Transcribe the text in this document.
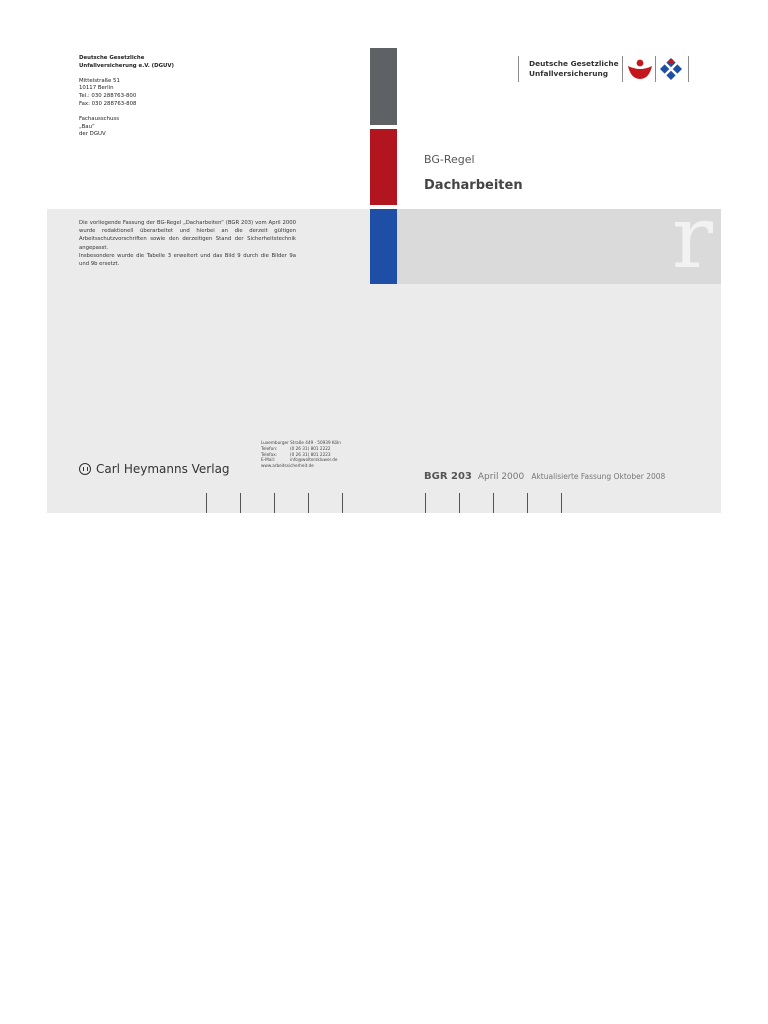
r

Deutsche Gesetzliche
Unfallversicherung e.V. (DGUV)

Mittelstraße 51
10117 Berlin
Tel.: 030 288763-800
Fax: 030 288763-808

Fachausschuss
„Bau“
der DGUV

Deutsche Gesetzliche
Unfallversicherung
BG-Regel
Dacharbeiten

Die vorliegende Fassung der BG-Regel „Dacharbeiten“ (BGR 203) vom April 2000 wurde redaktionell überarbeitet und hierbei an die derzeit gültigen Arbeitsschutzvorschriften sowie den derzeitigen Stand der Sicherheitstechnik angepasst.

Insbesondere wurde die Tabelle 3 erweitert und das Bild 9 durch die Bilder 9a und 9b ersetzt.

Carl Heymanns Verlag
Luxemburger Straße 449 · 50939 Köln
Telefon:	(0 26 31) 801 2222
Telefax:	(0 26 31) 801 2223
E-Mail:	info@wolterskluwer.de
www.arbeitssicherheit.de
BGR 203 April 2000 Aktualisierte Fassung Oktober 2008
